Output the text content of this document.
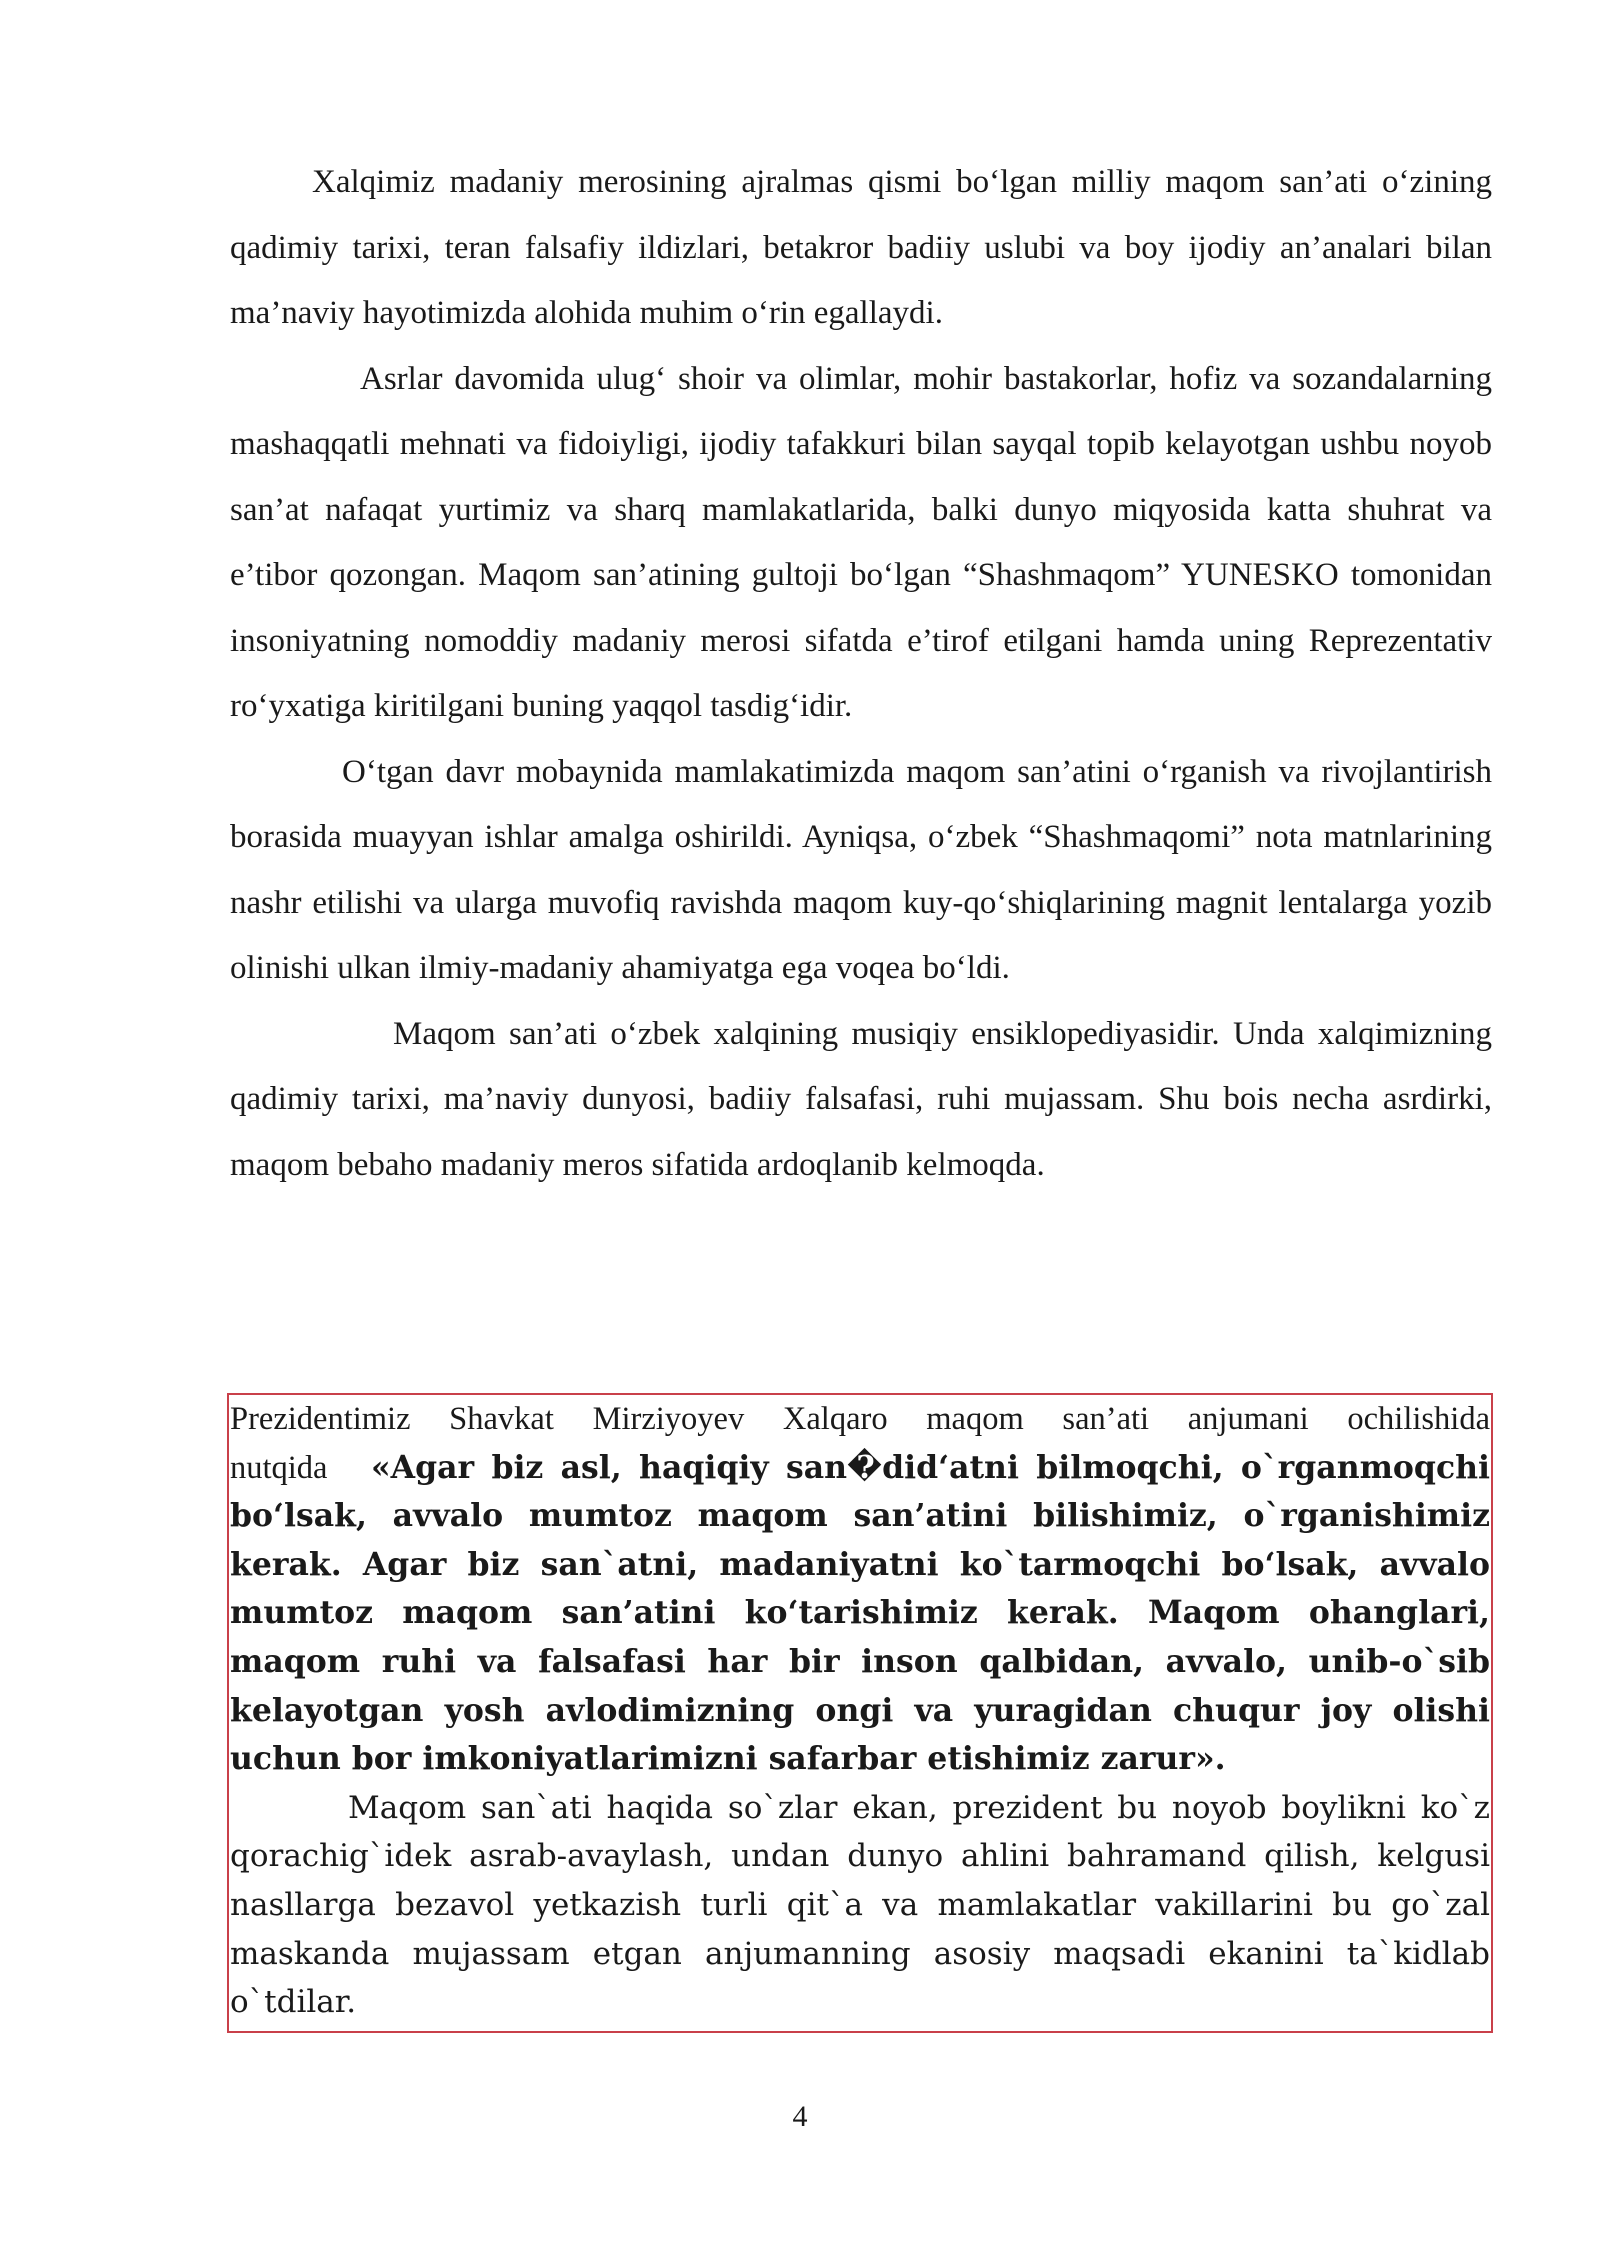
Xalqimiz madaniy merosining ajralmas qismi bo‘lgan milliy maqom san’ati o‘zining qadimiy tarixi, teran falsafiy ildizlari, betakror badiiy uslubi va boy ijodiy an’analari bilan ma’naviy hayotimizda alohida muhim o‘rin egallaydi.

Asrlar davomida ulug‘ shoir va olimlar, mohir bastakorlar, hofiz va sozandalarning mashaqqatli mehnati va fidoiyligi, ijodiy tafakkuri bilan sayqal topib kelayotgan ushbu noyob san’at nafaqat yurtimiz va sharq mamlakatlarida, balki dunyo miqyosida katta shuhrat va e’tibor qozongan. Maqom san’atining gultoji bo‘lgan “Shashmaqom” YUNESKO tomonidan insoniyatning nomoddiy madaniy merosi sifatda e’tirof etilgani hamda uning Reprezentativ ro‘yxatiga kiritilgani buning yaqqol tasdig‘idir.

O‘tgan davr mobaynida mamlakatimizda maqom san’atini o‘rganish va rivojlantirish borasida muayyan ishlar amalga oshirildi. Ayniqsa, o‘zbek “Shashmaqomi” nota matnlarining nashr etilishi va ularga muvofiq ravishda maqom kuy-qo‘shiqlarining magnit lentalarga yozib olinishi ulkan ilmiy-madaniy ahamiyatga ega voqea bo‘ldi.

Maqom san’ati o‘zbek xalqining musiqiy ensiklopediyasidir. Unda xalqimizning qadimiy tarixi, ma’naviy dunyosi, badiiy falsafasi, ruhi mujassam. Shu bois necha asrdirki, maqom bebaho madaniy meros sifatida ardoqlanib kelmoqda.

Prezidentimiz Shavkat Mirziyoyev Xalqaro maqom san’ati anjumani ochilishida nutqida «Agar biz asl, haqiqiy san�did‘atni bilmoqchi, o`rganmoqchi bo‘lsak, avvalo mumtoz maqom san’atini bilishimiz, o`rganishimiz kerak. Agar biz san`atni, madaniyatni ko`tarmoqchi bo‘lsak, avvalo mumtoz maqom san’atini ko‘tarishimiz kerak. Maqom ohanglari, maqom ruhi va falsafasi har bir inson qalbidan, avvalo, unib-o`sib kelayotgan yosh avlodimizning ongi va yuragidan chuqur joy olishi uchun bor imkoniyatlarimizni safarbar etishimiz zarur».

Maqom san`ati haqida so`zlar ekan, prezident bu noyob boylikni ko`z qorachig`idek asrab-avaylash, undan dunyo ahlini bahramand qilish, kelgusi nasllarga bezavol yetkazish turli qit`a va mamlakatlar vakillarini bu go`zal maskanda mujassam etgan anjumanning asosiy maqsadi ekanini ta`kidlab o`tdilar.

4
